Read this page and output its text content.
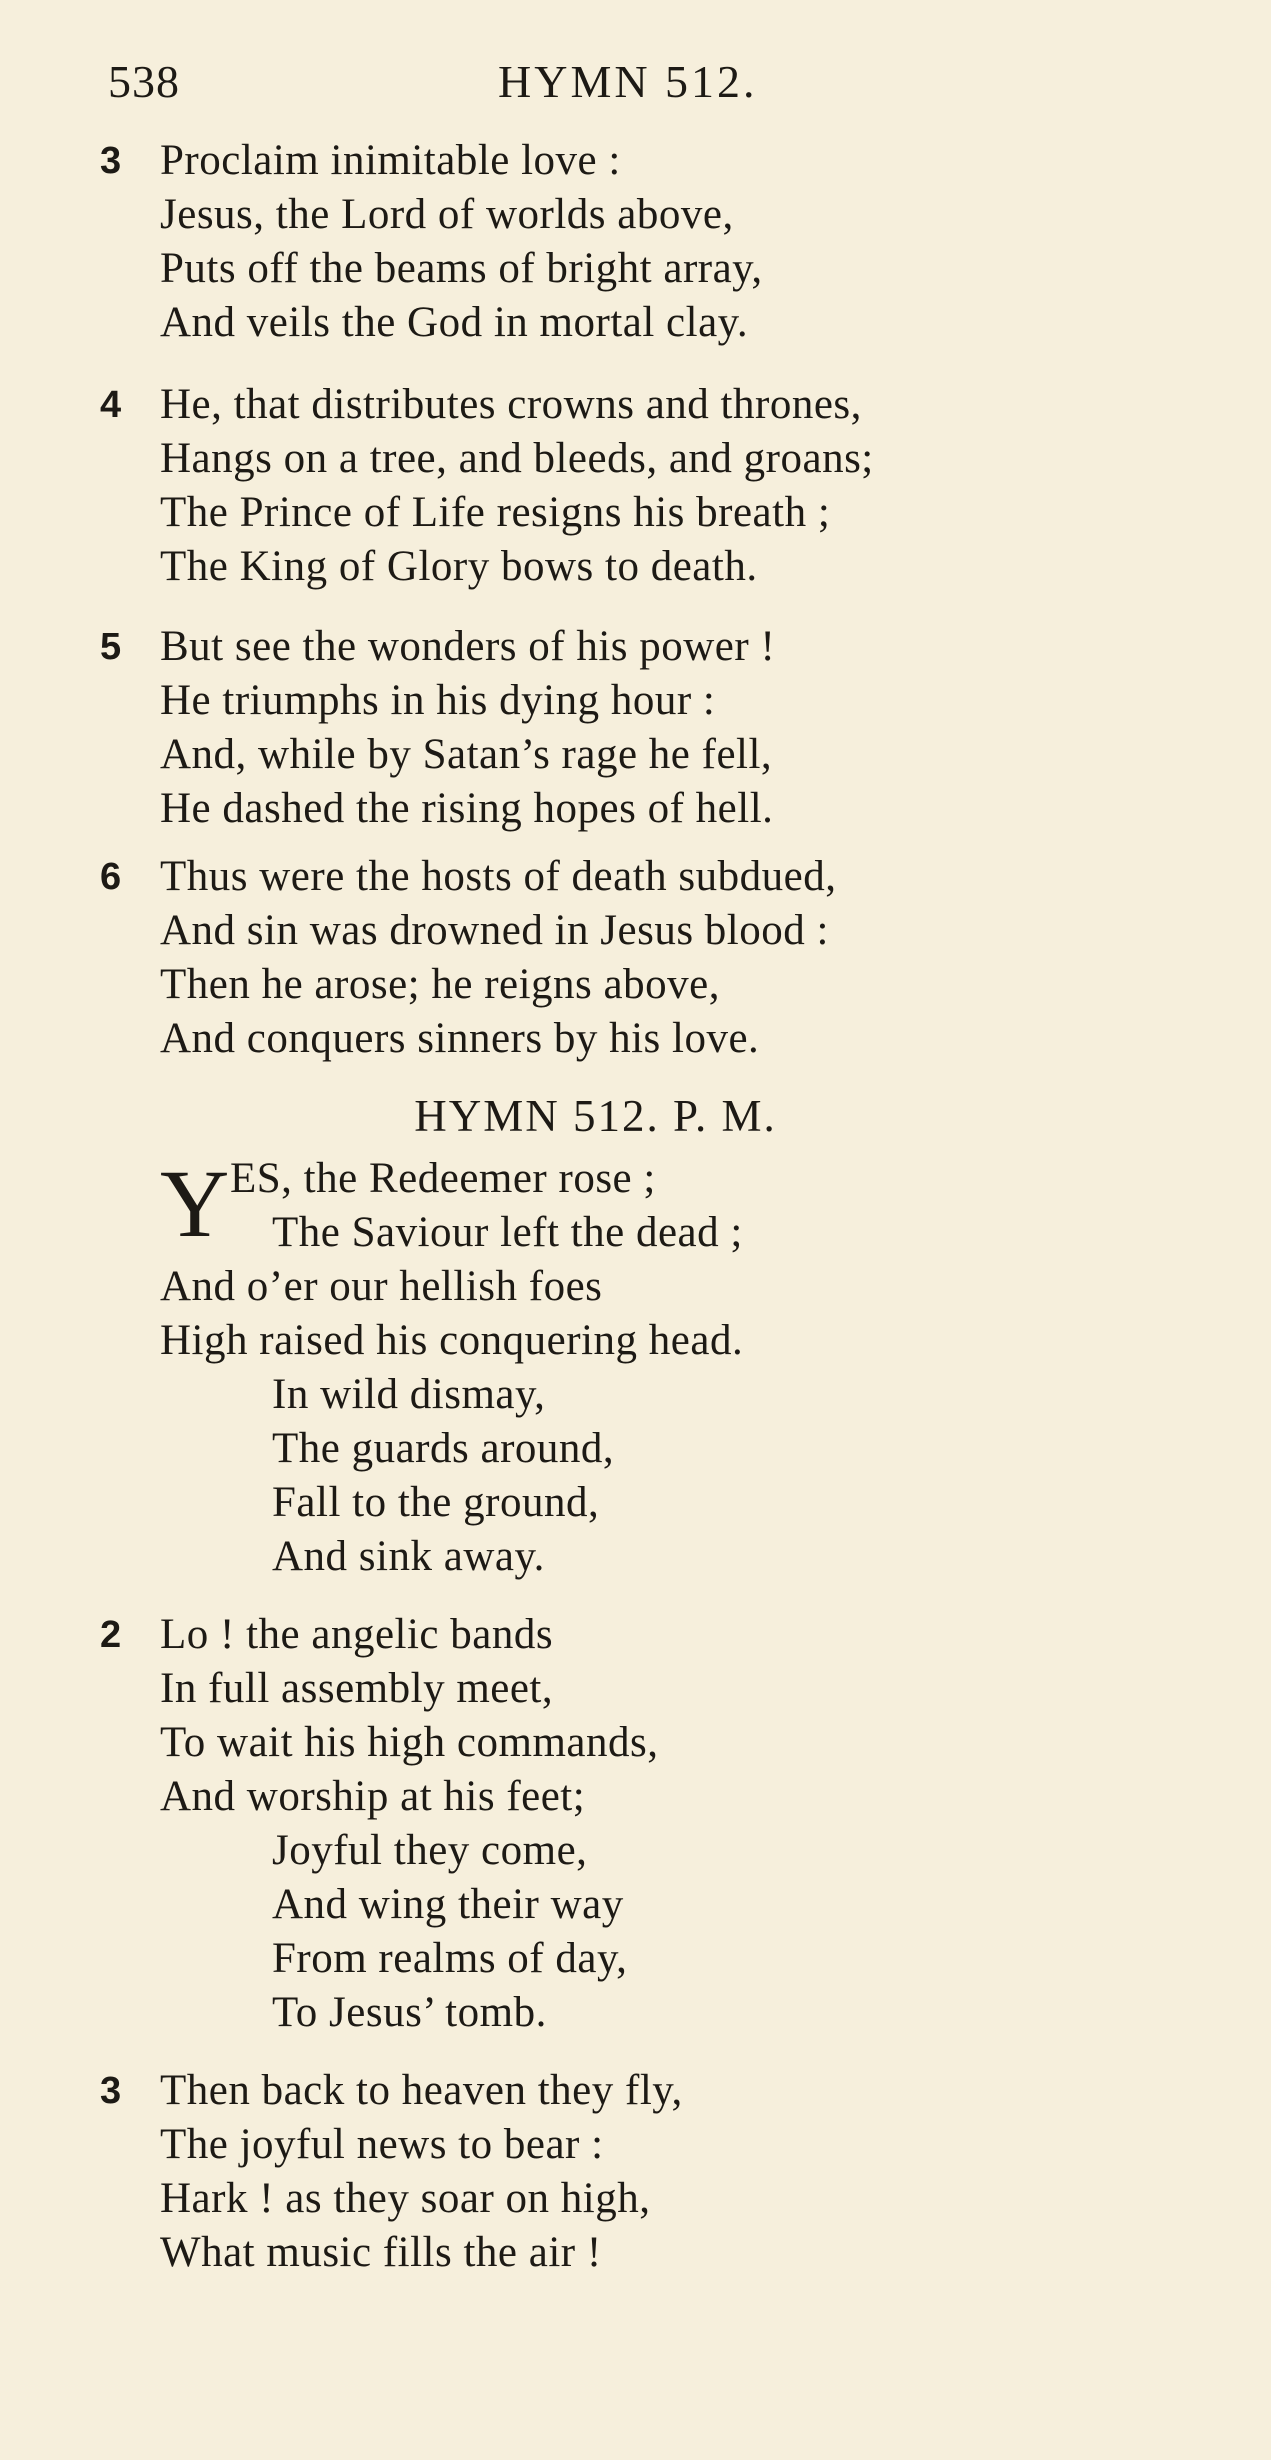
538	HYMN 512.
3 Proclaim inimitable love :
Jesus, the Lord of worlds above,
Puts off the beams of bright array,
And veils the God in mortal clay.
4 He, that distributes crowns and thrones,
Hangs on a tree, and bleeds, and groans;
The Prince of Life resigns his breath ;
The King of Glory bows to death.
5 But see the wonders of his power !
He triumphs in his dying hour :
And, while by Satan’s rage he fell,
He dashed the rising hopes of hell.
6 Thus were the hosts of death subdued,
And sin was drowned in Jesus blood :
Then he arose; he reigns above,
And conquers sinners by his love.
HYMN 512. P. M.
Y ES, the Redeemer rose ;
The Saviour left the dead ;
And o’er our hellish foes
High raised his conquering head.
In wild dismay,
The guards around,
Fall to the ground,
And sink away.
2 Lo ! the angelic bands
In full assembly meet,
To wait his high commands,
And worship at his feet;
Joyful they come,
And wing their way
From realms of day,
To Jesus’ tomb.
3 Then back to heaven they fly,
The joyful news to bear :
Hark ! as they soar on high,
What music fills the air !
